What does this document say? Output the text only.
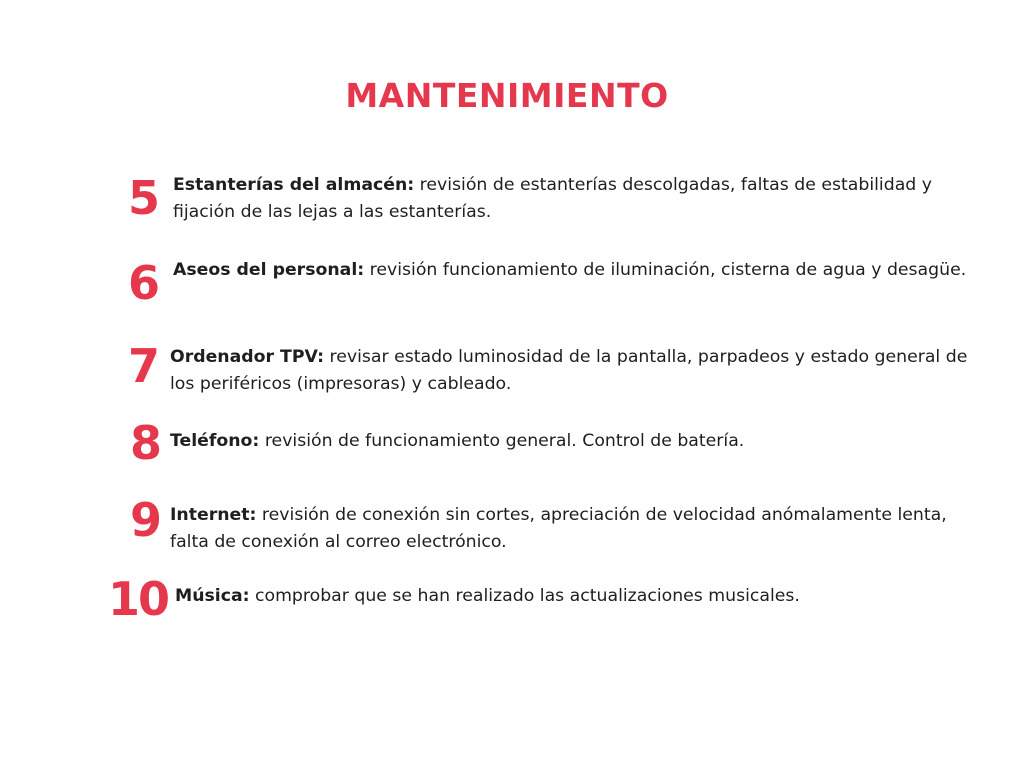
MANTENIMIENTO
5 Estanterías del almacén: revisión de estanterías descolgadas, faltas de estabilidad y fijación de las lejas a las estanterías.

6 Aseos del personal: revisión funcionamiento de iluminación, cisterna de agua y desagüe.

7 Ordenador TPV: revisar estado luminosidad de la pantalla, parpadeos y estado general de los periféricos (impresoras) y cableado.

8 Teléfono: revisión de funcionamiento general. Control de batería.

9 Internet: revisión de conexión sin cortes, apreciación de velocidad anómalamente lenta, falta de conexión al correo electrónico.

10 Música: comprobar que se han realizado las actualizaciones musicales.
